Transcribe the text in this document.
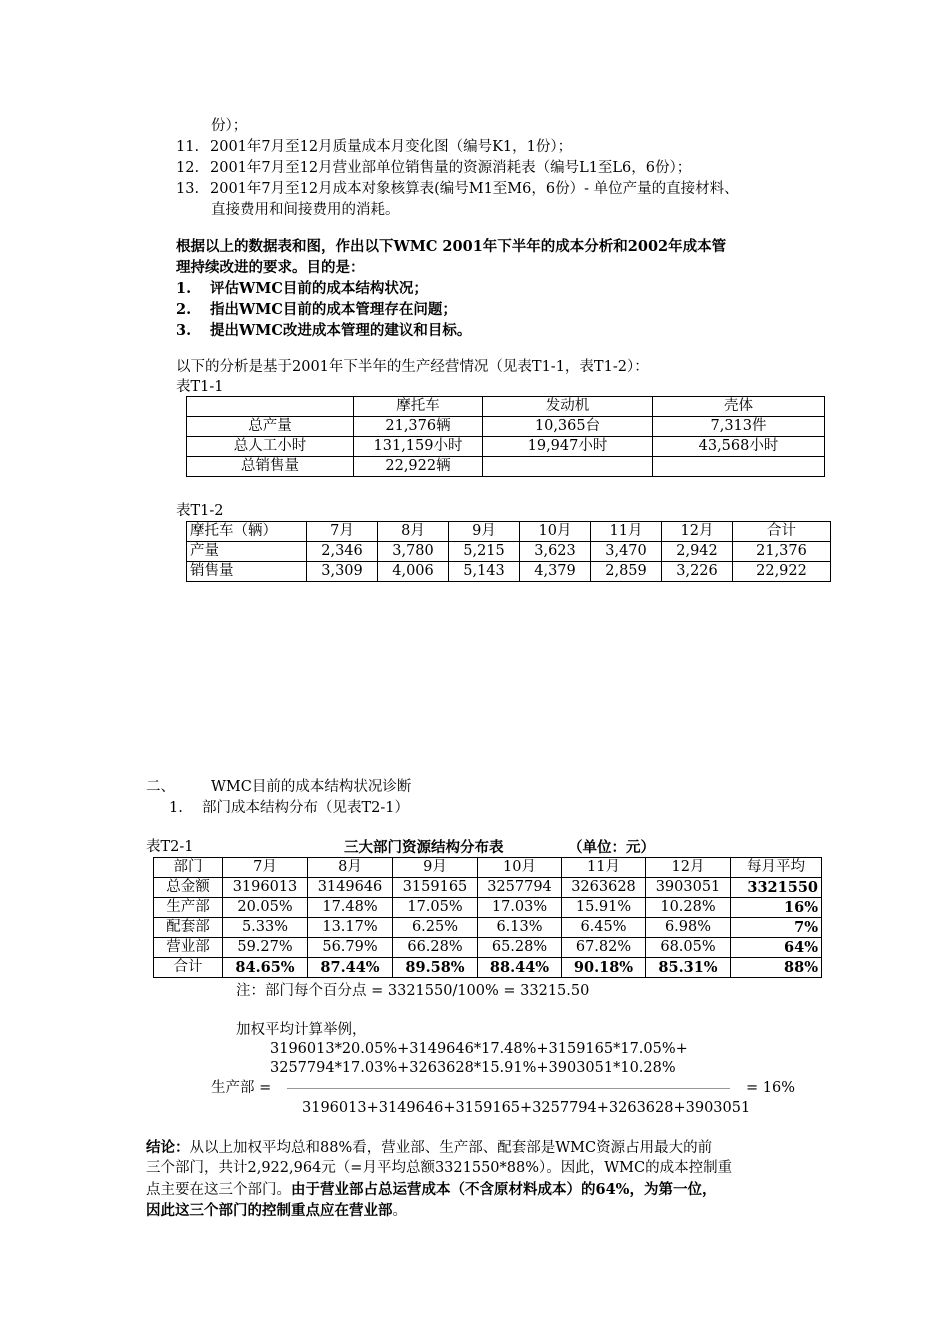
份）；
11. 2001年7月至12月质量成本月变化图（编号K1，1份）；
12. 2001年7月至12月营业部单位销售量的资源消耗表（编号L1至L6，6份）；
13. 2001年7月至12月成本对象核算表(编号M1至M6，6份）- 单位产量的直接材料、
直接费用和间接费用的消耗。
根据以上的数据表和图，作出以下WMC 2001年下半年的成本分析和2002年成本管
理持续改进的要求。目的是：
1. 评估WMC目前的成本结构状况；
2. 指出WMC目前的成本管理存在问题；
3. 提出WMC改进成本管理的建议和目标。
以下的分析是基于2001年下半年的生产经营情况（见表T1-1，表T1-2）：
表T1-1
	摩托车	发动机	壳体
总产量	21,376辆	10,365台	7,313件
总人工小时	131,159小时	19,947小时	43,568小时
总销售量	22,922辆		
表T1-2
摩托车（辆）	7月	8月	9月	10月	11月	12月	合计
产量	2,346	3,780	5,215	3,623	3,470	2,942	21,376
销售量	3,309	4,006	5,143	4,379	2,859	3,226	22,922
二、 WMC目前的成本结构状况诊断
1. 部门成本结构分布（见表T2-1）
表T2-1	三大部门资源结构分布表	（单位：元）
部门	7月	8月	9月	10月	11月	12月	每月平均
总金额	3196013	3149646	3159165	3257794	3263628	3903051	3321550
生产部	20.05%	17.48%	17.05%	17.03%	15.91%	10.28%	16%
配套部	5.33%	13.17%	6.25%	6.13%	6.45%	6.98%	7%
营业部	59.27%	56.79%	66.28%	65.28%	67.82%	68.05%	64%
合计	84.65%	87.44%	89.58%	88.44%	90.18%	85.31%	88%
注：部门每个百分点 = 3321550/100% = 33215.50
加权平均计算举例，
3196013*20.05%+3149646*17.48%+3159165*17.05%+
3257794*17.03%+3263628*15.91%+3903051*10.28%
生产部 =	= 16%
3196013+3149646+3159165+3257794+3263628+3903051
结论：从以上加权平均总和88%看，营业部、生产部、配套部是WMC资源占用最大的前
三个部门，共计2,922,964元（=月平均总额3321550*88%）。因此，WMC的成本控制重
点主要在这三个部门。由于营业部占总运营成本（不含原材料成本）的64%，为第一位，
因此这三个部门的控制重点应在营业部。
